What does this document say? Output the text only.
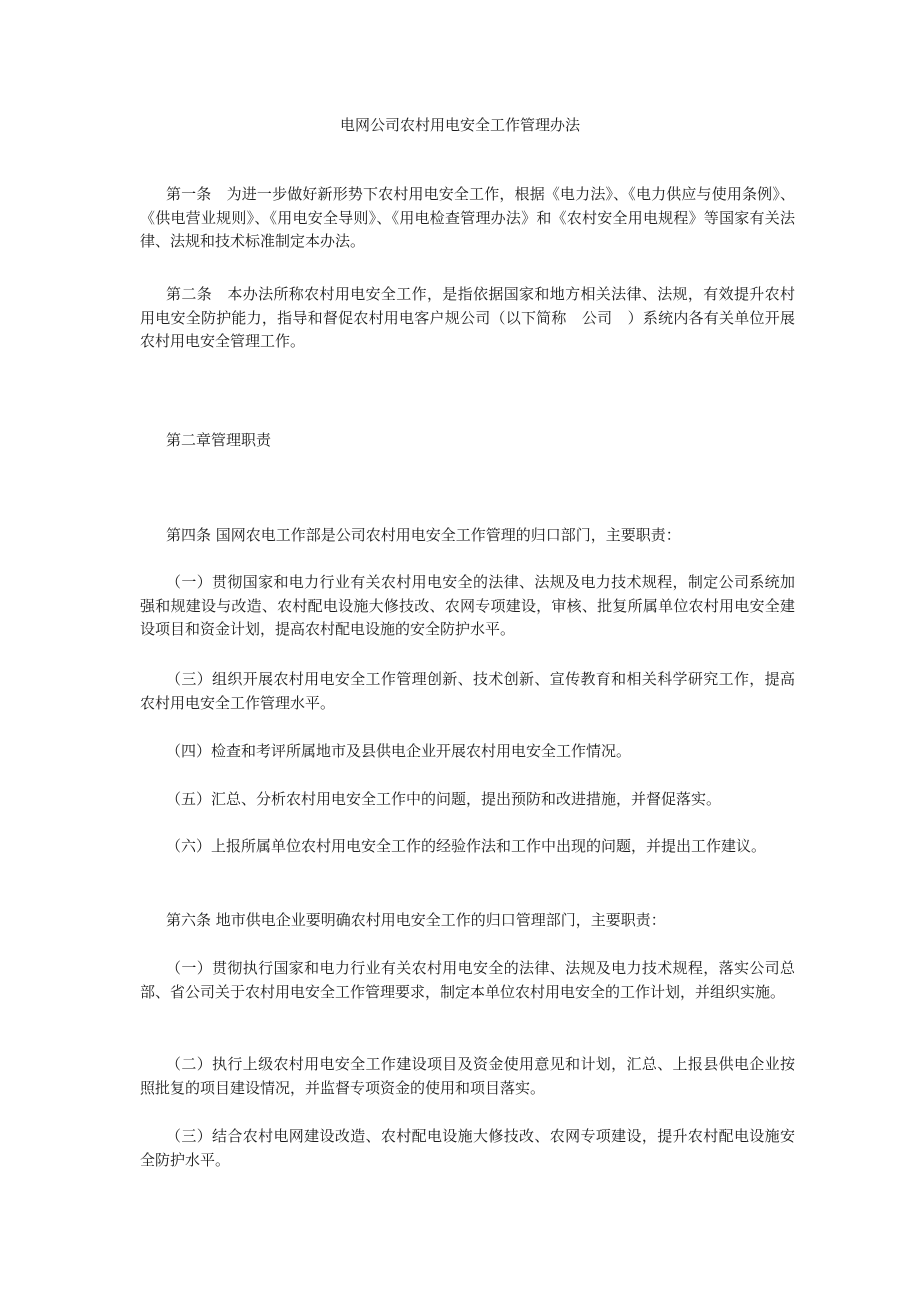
电网公司农村用电安全工作管理办法
第一条　为进一步做好新形势下农村用电安全工作，根据《电力法》、《电力供应与使用条例》、《供电营业规则》、《用电安全导则》、《用电检查管理办法》和《农村安全用电规程》等国家有关法律、法规和技术标准制定本办法。
第二条　本办法所称农村用电安全工作，是指依据国家和地方相关法律、法规，有效提升农村用电安全防护能力，指导和督促农村用电客户规公司（以下简称　公司　）系统内各有关单位开展农村用电安全管理工作。
第二章管理职责
第四条 国网农电工作部是公司农村用电安全工作管理的归口部门，主要职责：
（一）贯彻国家和电力行业有关农村用电安全的法律、法规及电力技术规程，制定公司系统加强和规建设与改造、农村配电设施大修技改、农网专项建设，审核、批复所属单位农村用电安全建设项目和资金计划，提高农村配电设施的安全防护水平。
（三）组织开展农村用电安全工作管理创新、技术创新、宣传教育和相关科学研究工作，提高农村用电安全工作管理水平。
（四）检查和考评所属地市及县供电企业开展农村用电安全工作情况。
（五）汇总、分析农村用电安全工作中的问题，提出预防和改进措施，并督促落实。
（六）上报所属单位农村用电安全工作的经验作法和工作中出现的问题，并提出工作建议。
第六条 地市供电企业要明确农村用电安全工作的归口管理部门，主要职责：
（一）贯彻执行国家和电力行业有关农村用电安全的法律、法规及电力技术规程，落实公司总部、省公司关于农村用电安全工作管理要求，制定本单位农村用电安全的工作计划，并组织实施。
（二）执行上级农村用电安全工作建设项目及资金使用意见和计划，汇总、上报县供电企业按照批复的项目建设情况，并监督专项资金的使用和项目落实。
（三）结合农村电网建设改造、农村配电设施大修技改、农网专项建设，提升农村配电设施安全防护水平。
